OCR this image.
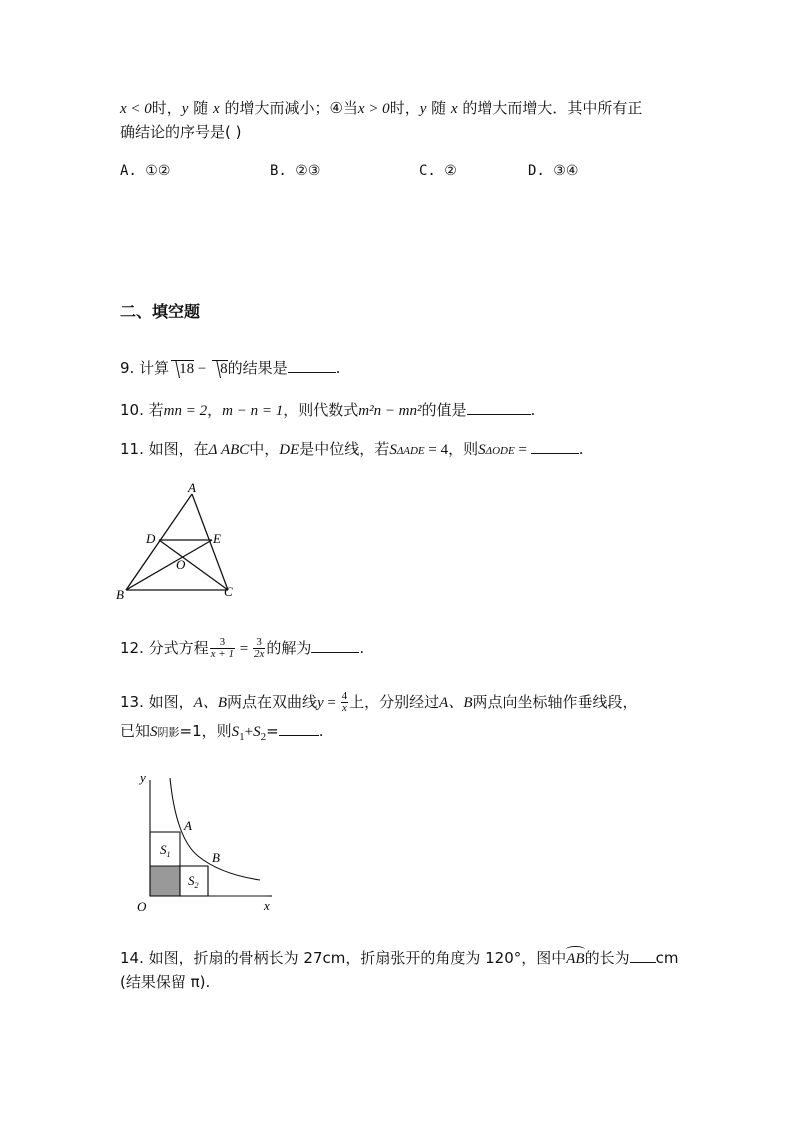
x < 0时，y 随 x 的增大而减小；④当x > 0时，y 随 x 的增大而增大．其中所有正
确结论的序号是( )
A. ①②	B. ②③	C. ②	D. ③④
二、填空题
9. 计算 18 − 8的结果是	.
10. 若mn = 2，m − n = 1，则代数式m²n − mn²的值是	.
11. 如图，在Δ ABC中，DE是中位线，若SΔADE = 4，则SΔODE =	.
A
B	C
D	E
O
12. 分式方程 $\frac{3}{x + 1} = \frac{3}{2x}$ 的解为	.
13. 如图，A、B两点在双曲线$y = \frac{4}{x}$ 上，分别经过A、B两点向坐标轴作垂线段，
已知S阴影=1，则$S_1+S_2=$	.
y
x
O
A
B
$S_1$
$S_2$
14. 如图，折扇的骨柄长为 27cm，折扇张开的角度为 120°，图中AB的长为 cm
(结果保留 π).
